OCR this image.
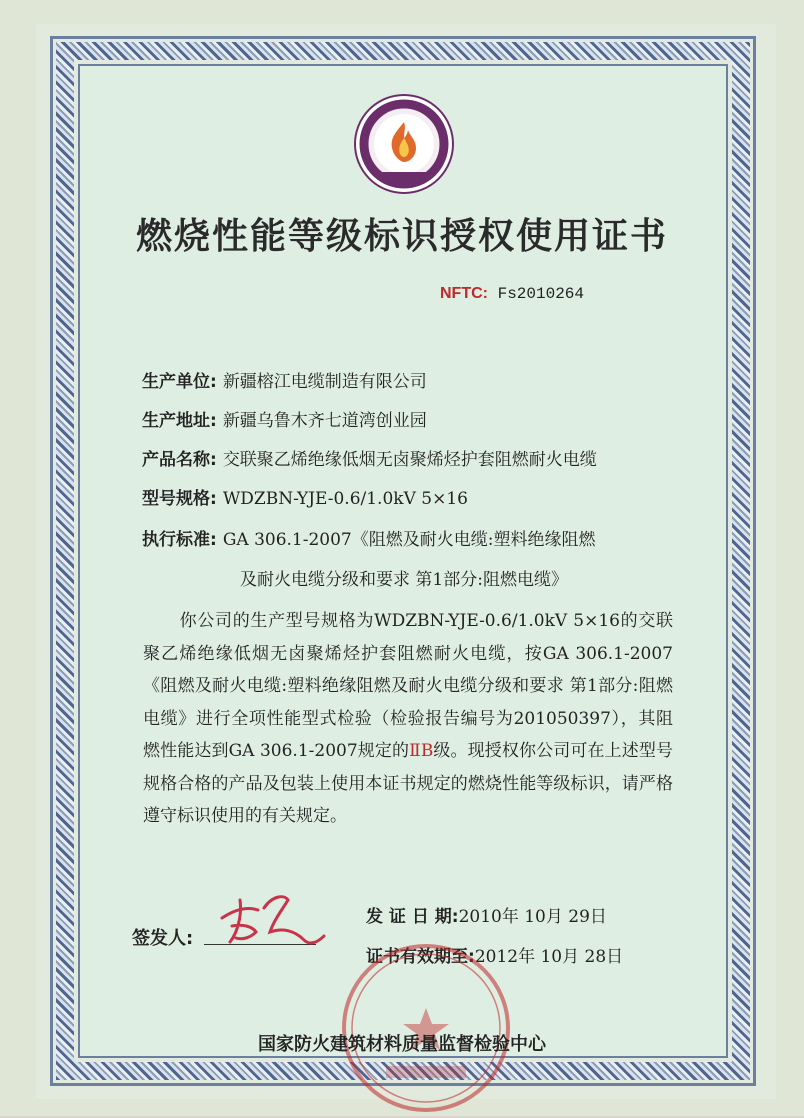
燃烧性能等级标识授权使用证书
NFTC: Fs2010264
生产单位: 新疆榕江电缆制造有限公司
生产地址: 新疆乌鲁木齐七道湾创业园
产品名称: 交联聚乙烯绝缘低烟无卤聚烯烃护套阻燃耐火电缆
型号规格: WDZBN-YJE-0.6/1.0kV 5×16
执行标准: GA 306.1-2007《阻燃及耐火电缆:塑料绝缘阻燃
及耐火电缆分级和要求 第1部分:阻燃电缆》
你公司的生产型号规格为WDZBN-YJE-0.6/1.0kV 5×16的交联聚乙烯绝缘低烟无卤聚烯烃护套阻燃耐火电缆，按GA 306.1-2007《阻燃及耐火电缆:塑料绝缘阻燃及耐火电缆分级和要求 第1部分:阻燃电缆》进行全项性能型式检验（检验报告编号为201050397），其阻燃性能达到GA 306.1-2007规定的ⅡB级。现授权你公司可在上述型号规格合格的产品及包装上使用本证书规定的燃烧性能等级标识，请严格遵守标识使用的有关规定。
签发人:
发 证 日 期:2010年 10月 29日
证书有效期至:2012年 10月 28日
国家防火建筑材料质量监督检验中心
